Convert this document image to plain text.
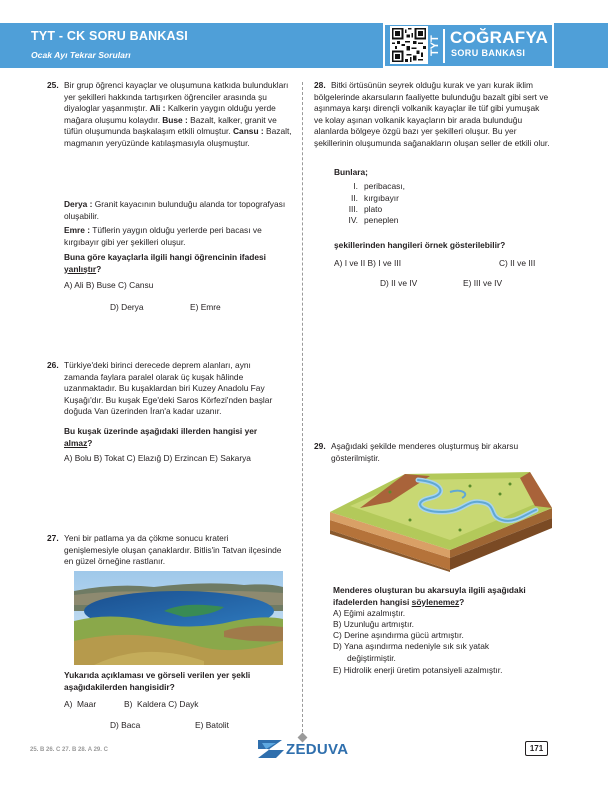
TYT - CK SORU BANKASI
Ocak Ayı Tekrar Soruları	TYT COĞRAFYA
SORU BANKASI
25. Bir grup öğrenci kayaçlar ve oluşumuna katkıda bulundukları yer şekilleri hakkında tartışırken öğrenciler arasında şu diyaloglar yaşanmıştır. Ali : Kalkerin yaygın olduğu yerde mağara oluşumu kolaydır. Buse : Bazalt, kalker, granit ve tüfün oluşumunda başkalaşım etkili olmuştur. Cansu : Bazalt, magmanın yeryüzünde katılaşmasıyla oluşmuştur.
Derya : Granit kayacının bulunduğu alanda tor topografyası oluşabilir.
Emre : Tüflerin yaygın olduğu yerlerde peri bacası ve kırgıbayır gibi yer şekilleri oluşur.
Buna göre kayaçlarla ilgili hangi öğrencinin ifadesi yanlıştır?
A) Ali B) Buse C) Cansu
D) Derya	E) Emre
26. Türkiye'deki birinci derecede deprem alanları, aynı zamanda faylara paralel olarak üç kuşak hâlinde uzanmaktadır. Bu kuşaklardan biri Kuzey Anadolu Fay Kuşağı'dır. Bu kuşak Ege'deki Saros Körfezi'nden başlar doğuda Van üzerinden İran'a kadar uzanır.
Bu kuşak üzerinde aşağıdaki illerden hangisi yer almaz?
A) Bolu B) Tokat C) Elazığ D) Erzincan E) Sakarya
27. Yeni bir patlama ya da çökme sonucu krateri genişlemesiyle oluşan çanaklardır. Bitlis'in Tatvan ilçesinde en güzel örneğine rastlanır.
Yukarıda açıklaması ve görseli verilen yer şekli aşağıdakilerden hangisidir?
A)  Maar            B)  Kaldera C) Dayk
D) Baca	E) Batolit
28. Bitki örtüsünün seyrek olduğu kurak ve yarı kurak iklim bölgelerinde akarsuların faaliyette bulunduğu bazalt gibi sert ve aşınmaya karşı dirençli volkanik kayaçlar ile tüf gibi yumuşak ve kolay aşınan volkanik kayaçların bir arada bulunduğu alanlarda bölgeye özgü bazı yer şekilleri oluşur. Bu yer şekillerinin oluşumunda sağanakların oluşan seller de etkili olur.
Bunlara;
I. peribacası,
II. kırgıbayır
III. plato
IV. peneplen
şekillerinden hangileri örnek gösterilebilir?
A) I ve II B) I ve III	C) II ve III
D) II ve IV	E) III ve IV
29. Aşağıdaki şekilde menderes oluşturmuş bir akarsu gösterilmiştir.
Menderes oluşturan bu akarsuyla ilgili aşağıdaki ifadelerden hangisi söylenemez?
A) Eğimi azalmıştır.
B) Uzunluğu artmıştır.
C) Derine aşındırma gücü artmıştır.
D) Yana aşındırma nedeniyle sık sık yatak
değiştirmiştir.
E) Hidrolik enerji üretim potansiyeli azalmıştır.
25. B 26. C 27. B 28. A 29. C	ZEDUVA	171
